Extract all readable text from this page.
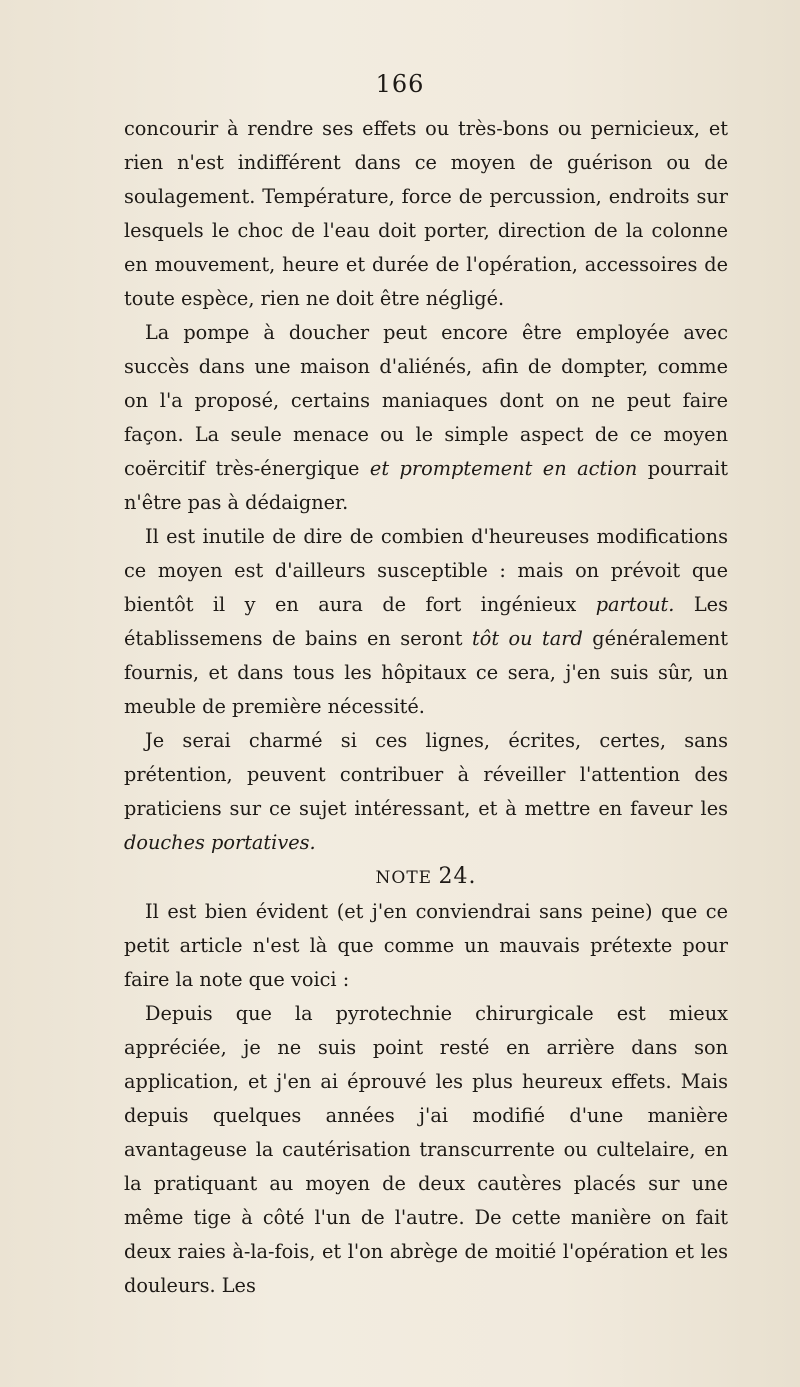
166

concourir à rendre ses effets ou très-bons ou pernicieux, et rien n'est indifférent dans ce moyen de guérison ou de soulagement. Température, force de percussion, endroits sur lesquels le choc de l'eau doit porter, direction de la colonne en mouvement, heure et durée de l'opération, accessoires de toute espèce, rien ne doit être négligé.

La pompe à doucher peut encore être employée avec succès dans une maison d'aliénés, afin de dompter, comme on l'a proposé, certains maniaques dont on ne peut faire façon. La seule menace ou le simple aspect de ce moyen coërcitif très-énergique et promptement en action pourrait n'être pas à dédaigner.

Il est inutile de dire de combien d'heureuses modifications ce moyen est d'ailleurs susceptible : mais on prévoit que bientôt il y en aura de fort ingénieux partout. Les établissemens de bains en seront tôt ou tard généralement fournis, et dans tous les hôpitaux ce sera, j'en suis sûr, un meuble de première nécessité.

Je serai charmé si ces lignes, écrites, certes, sans prétention, peuvent contribuer à réveiller l'attention des praticiens sur ce sujet intéressant, et à mettre en faveur les douches portatives.

NOTE 24.

Il est bien évident (et j'en conviendrai sans peine) que ce petit article n'est là que comme un mauvais prétexte pour faire la note que voici :

Depuis que la pyrotechnie chirurgicale est mieux appréciée, je ne suis point resté en arrière dans son application, et j'en ai éprouvé les plus heureux effets. Mais depuis quelques années j'ai modifié d'une manière avantageuse la cautérisation transcurrente ou cultelaire, en la pratiquant au moyen de deux cautères placés sur une même tige à côté l'un de l'autre. De cette manière on fait deux raies à-la-fois, et l'on abrège de moitié l'opération et les douleurs. Les
